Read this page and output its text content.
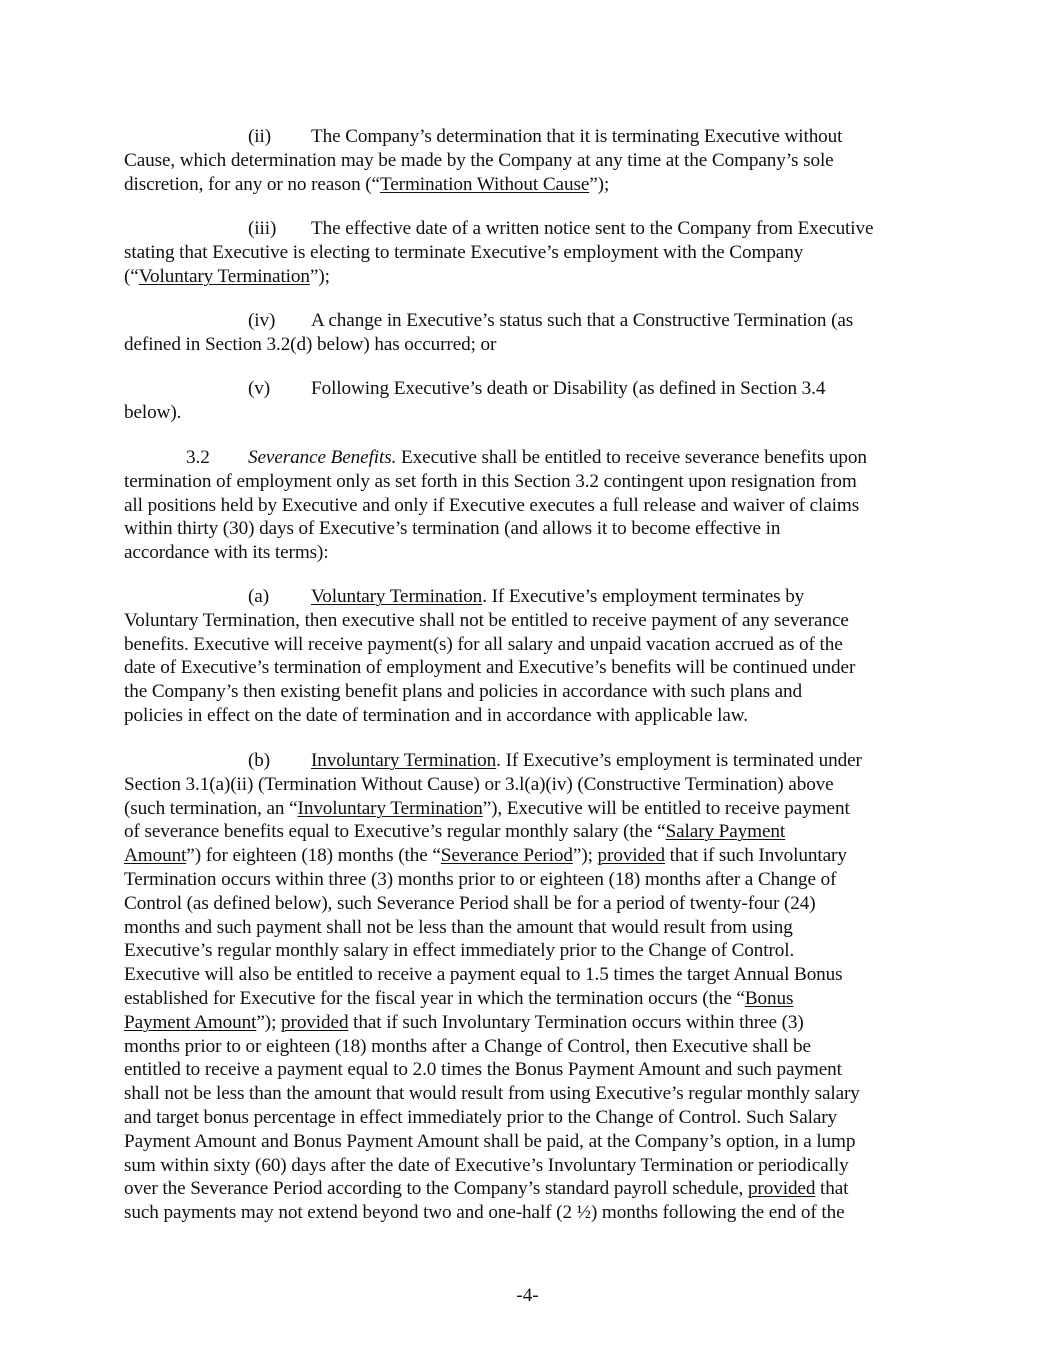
(ii) The Company’s determination that it is terminating Executive without
Cause, which determination may be made by the Company at any time at the Company’s sole
discretion, for any or no reason (“Termination Without Cause”);

(iii) The effective date of a written notice sent to the Company from Executive
stating that Executive is electing to terminate Executive’s employment with the Company
(“Voluntary Termination”);

(iv) A change in Executive’s status such that a Constructive Termination (as
defined in Section 3.2(d) below) has occurred; or

(v) Following Executive’s death or Disability (as defined in Section 3.4
below).

3.2 Severance Benefits. Executive shall be entitled to receive severance benefits upon
termination of employment only as set forth in this Section 3.2 contingent upon resignation from
all positions held by Executive and only if Executive executes a full release and waiver of claims
within thirty (30) days of Executive’s termination (and allows it to become effective in
accordance with its terms):

(a) Voluntary Termination. If Executive’s employment terminates by
Voluntary Termination, then executive shall not be entitled to receive payment of any severance
benefits. Executive will receive payment(s) for all salary and unpaid vacation accrued as of the
date of Executive’s termination of employment and Executive’s benefits will be continued under
the Company’s then existing benefit plans and policies in accordance with such plans and
policies in effect on the date of termination and in accordance with applicable law.

(b) Involuntary Termination. If Executive’s employment is terminated under
Section 3.1(a)(ii) (Termination Without Cause) or 3.l(a)(iv) (Constructive Termination) above
(such termination, an “Involuntary Termination”), Executive will be entitled to receive payment
of severance benefits equal to Executive’s regular monthly salary (the “Salary Payment
Amount”) for eighteen (18) months (the “Severance Period”); provided that if such Involuntary
Termination occurs within three (3) months prior to or eighteen (18) months after a Change of
Control (as defined below), such Severance Period shall be for a period of twenty-four (24)
months and such payment shall not be less than the amount that would result from using
Executive’s regular monthly salary in effect immediately prior to the Change of Control.
Executive will also be entitled to receive a payment equal to 1.5 times the target Annual Bonus
established for Executive for the fiscal year in which the termination occurs (the “Bonus
Payment Amount”); provided that if such Involuntary Termination occurs within three (3)
months prior to or eighteen (18) months after a Change of Control, then Executive shall be
entitled to receive a payment equal to 2.0 times the Bonus Payment Amount and such payment
shall not be less than the amount that would result from using Executive’s regular monthly salary
and target bonus percentage in effect immediately prior to the Change of Control. Such Salary
Payment Amount and Bonus Payment Amount shall be paid, at the Company’s option, in a lump
sum within sixty (60) days after the date of Executive’s Involuntary Termination or periodically
over the Severance Period according to the Company’s standard payroll schedule, provided that
such payments may not extend beyond two and one-half (2 ½) months following the end of the

-4-
